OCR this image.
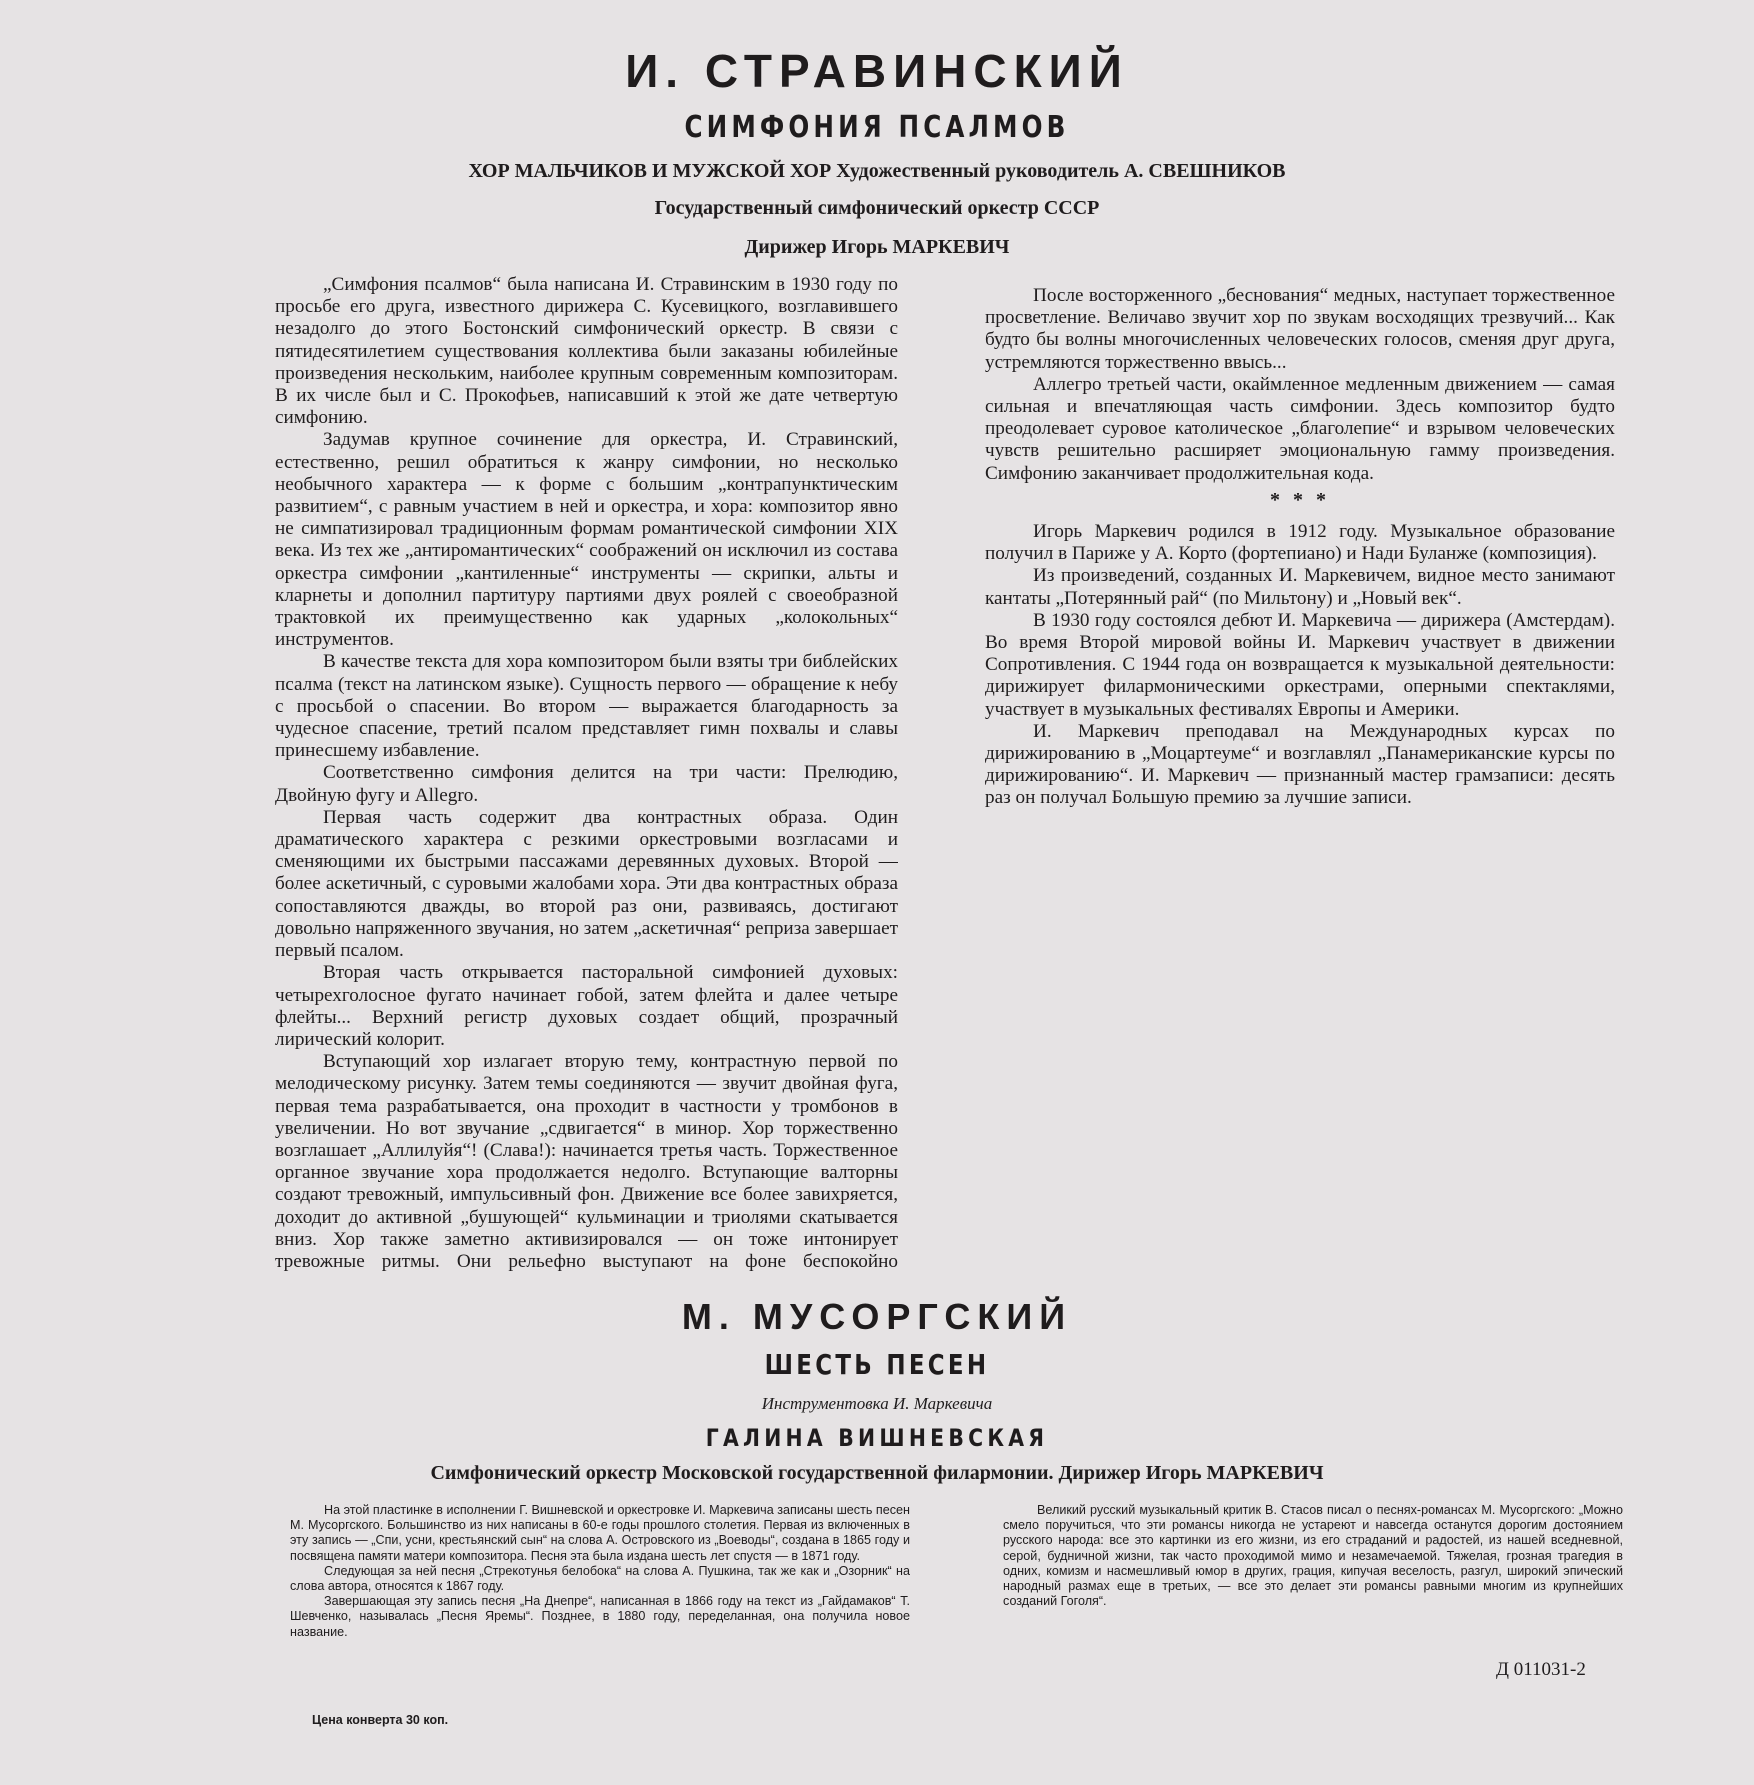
И. СТРАВИНСКИЙ
СИМФОНИЯ ПСАЛМОВ
ХОР МАЛЬЧИКОВ И МУЖСКОЙ ХОР Художественный руководитель А. СВЕШНИКОВ
Государственный симфонический оркестр СССР
Дирижер Игорь МАРКЕВИЧ

„Симфония псалмов“ была написана И. Стравинским в 1930 году по просьбе его друга, известного дирижера С. Кусевицкого, возглавившего незадолго до этого Бостонский симфонический оркестр. В связи с пятидесятилетием существования коллектива были заказаны юбилейные произведения нескольким, наиболее крупным современным композиторам. В их числе был и С. Прокофьев, написавший к этой же дате четвертую симфонию.

Задумав крупное сочинение для оркестра, И. Стравинский, естественно, решил обратиться к жанру симфонии, но несколько необычного характера — к форме с большим „контрапунктическим развитием“, с равным участием в ней и оркестра, и хора: композитор явно не симпатизировал традиционным формам романтической симфонии XIX века. Из тех же „антиромантических“ соображений он исключил из состава оркестра симфонии „кантиленные“ инструменты — скрипки, альты и кларнеты и дополнил партитуру партиями двух роялей с своеобразной трактовкой их преимущественно как ударных „колокольных“ инструментов.

В качестве текста для хора композитором были взяты три библейских псалма (текст на латинском языке). Сущность первого — обращение к небу с просьбой о спасении. Во втором — выражается благодарность за чудесное спасение, третий псалом представляет гимн похвалы и славы принесшему избавление.

Соответственно симфония делится на три части: Прелюдию, Двойную фугу и Allegro.

Первая часть содержит два контрастных образа. Один драматического характера с резкими оркестровыми возгласами и сменяющими их быстрыми пассажами деревянных духовых. Второй — более аскетичный, с суровыми жалобами хора. Эти два контрастных образа сопоставляются дважды, во второй раз они, развиваясь, достигают довольно напряженного звучания, но затем „аскетичная“ реприза завершает первый псалом.

Вторая часть открывается пасторальной симфонией духовых: четырехголосное фугато начинает гобой, затем флейта и далее четыре флейты... Верхний регистр духовых создает общий, прозрачный лирический колорит.

Вступающий хор излагает вторую тему, контрастную первой по мелодическому рисунку. Затем темы соединяются — звучит двойная фуга, первая тема разрабатывается, она проходит в частности у тромбонов в увеличении. Но вот звучание „сдвигается“ в минор. Хор торжественно возглашает „Аллилуйя“! (Слава!): начинается третья часть. Торжественное органное звучание хора продолжается недолго. Вступающие валторны создают тревожный, импульсивный фон. Движение все более завихряется, доходит до активной „бушующей“ кульминации и триолями скатывается вниз. Хор также заметно активизировался — он тоже интонирует тревожные ритмы. Они рельефно выступают на фоне беспокойно

После восторженного „беснования“ медных, наступает торжественное просветление. Величаво звучит хор по звукам восходящих трезвучий... Как будто бы волны многочисленных человеческих голосов, сменяя друг друга, устремляются торжественно ввысь...

Аллегро третьей части, окаймленное медленным движением — самая сильная и впечатляющая часть симфонии. Здесь композитор будто преодолевает суровое католическое „благолепие“ и взрывом человеческих чувств решительно расширяет эмоциональную гамму произведения. Симфонию заканчивает продолжительная кода.

* * *

Игорь Маркевич родился в 1912 году. Музыкальное образование получил в Париже у А. Корто (фортепиано) и Нади Буланже (композиция).

Из произведений, созданных И. Маркевичем, видное место занимают кантаты „Потерянный рай“ (по Мильтону) и „Новый век“.

В 1930 году состоялся дебют И. Маркевича — дирижера (Амстердам). Во время Второй мировой войны И. Маркевич участвует в движении Сопротивления. С 1944 года он возвращается к музыкальной деятельности: дирижирует филармоническими оркестрами, оперными спектаклями, участвует в музыкальных фестивалях Европы и Америки.

И. Маркевич преподавал на Международных курсах по дирижированию в „Моцартеуме“ и возглавлял „Панамериканские курсы по дирижированию“. И. Маркевич — признанный мастер грамзаписи: десять раз он получал Большую премию за лучшие записи.

М. МУСОРГСКИЙ
ШЕСТЬ ПЕСЕН
Инструментовка И. Маркевича
ГАЛИНА ВИШНЕВСКАЯ
Симфонический оркестр Московской государственной филармонии. Дирижер Игорь МАРКЕВИЧ

На этой пластинке в исполнении Г. Вишневской и оркестровке И. Маркевича записаны шесть песен М. Мусоргского. Большинство из них написаны в 60-е годы прошлого столетия. Первая из включенных в эту запись — „Спи, усни, крестьянский сын“ на слова А. Островского из „Воеводы“, создана в 1865 году и посвящена памяти матери композитора. Песня эта была издана шесть лет спустя — в 1871 году.

Следующая за ней песня „Стрекотунья белобока“ на слова А. Пушкина, так же как и „Озорник“ на слова автора, относятся к 1867 году.

Завершающая эту запись песня „На Днепре“, написанная в 1866 году на текст из „Гайдамаков“ Т. Шевченко, называлась „Песня Яремы“. Позднее, в 1880 году, переделанная, она получила новое название.

Великий русский музыкальный критик В. Стасов писал о песнях-романсах М. Мусоргского: „Можно смело поручиться, что эти романсы никогда не устареют и навсегда останутся дорогим достоянием русского народа: все это картинки из его жизни, из его страданий и радостей, из нашей вседневной, серой, будничной жизни, так часто проходимой мимо и незамечаемой. Тяжелая, грозная трагедия в одних, комизм и насмешливый юмор в других, грация, кипучая веселость, разгул, широкий эпический народный размах еще в третьих, — все это делает эти романсы равными многим из крупнейших созданий Гоголя“.

Д 011031-2
Цена конверта 30 коп.
